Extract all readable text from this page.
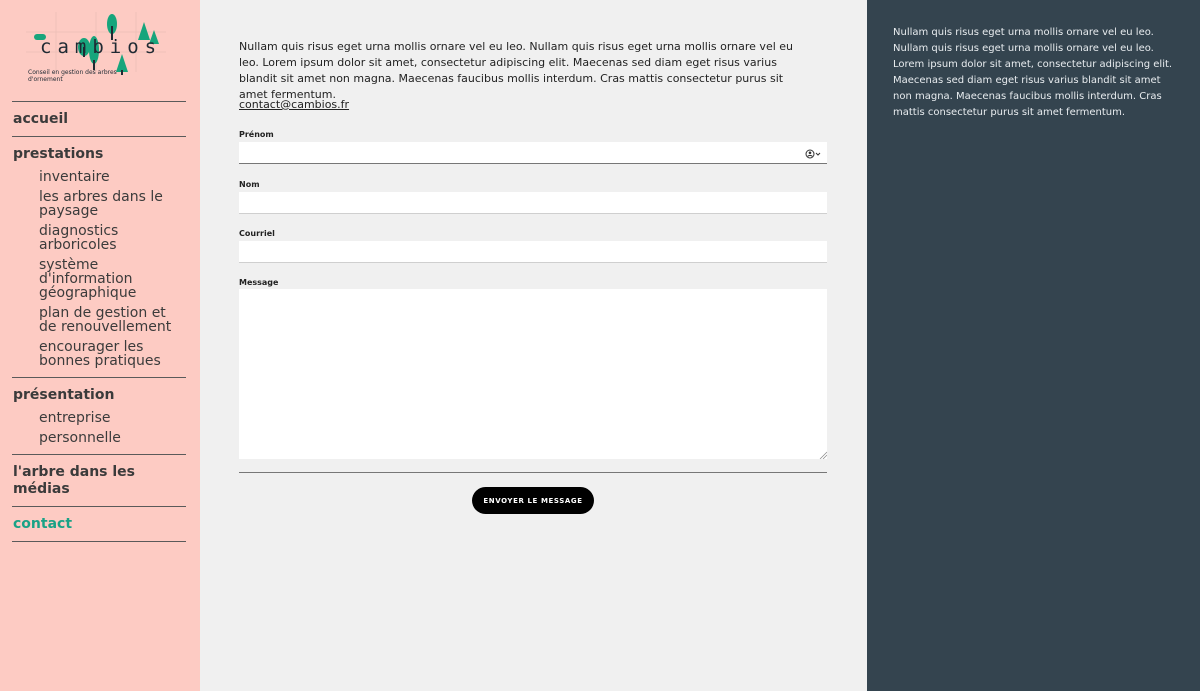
cambios
Conseil en gestion des arbres d'ornement
accueil
prestations
inventaire
les arbres dans le paysage
diagnostics arboricoles
système d'information géographique
plan de gestion et de renouvellement
encourager les bonnes pratiques
présentation
entreprise
personnelle
l'arbre dans les médias
contact

Nullam quis risus eget urna mollis ornare vel eu leo. Nullam quis risus eget urna mollis ornare vel eu leo. Lorem ipsum dolor sit amet, consectetur adipiscing elit. Maecenas sed diam eget risus varius blandit sit amet non magna. Maecenas faucibus mollis interdum. Cras mattis consectetur purus sit amet fermentum.

contact@cambios.fr
Prénom
Nom
Courriel
Message
ENVOYER LE MESSAGE

Nullam quis risus eget urna mollis ornare vel eu leo. Nullam quis risus eget urna mollis ornare vel eu leo. Lorem ipsum dolor sit amet, consectetur adipiscing elit. Maecenas sed diam eget risus varius blandit sit amet non magna. Maecenas faucibus mollis interdum. Cras mattis consectetur purus sit amet fermentum.
